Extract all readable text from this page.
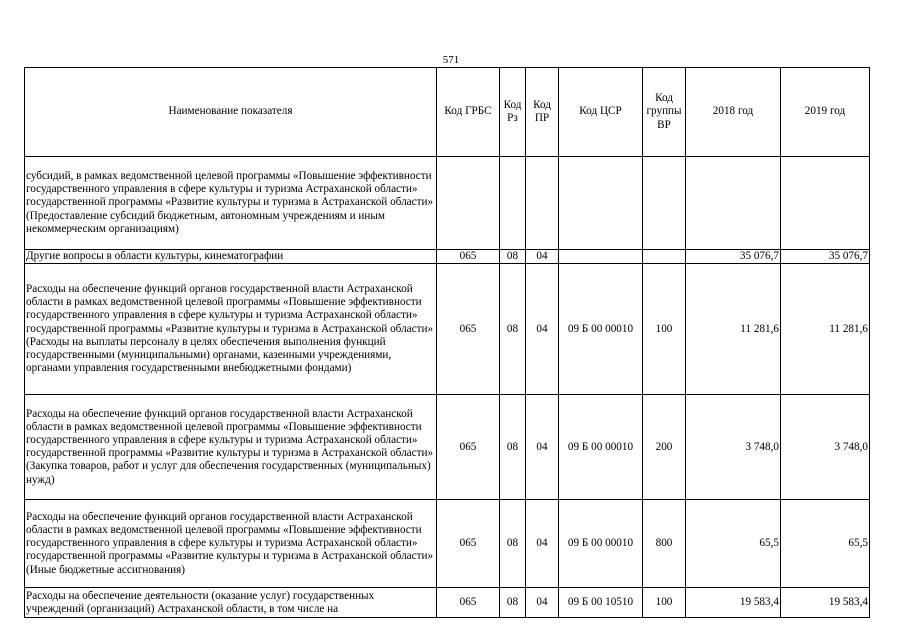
571
Наименование показателя	Код ГРБС	Код Рз	Код ПР	Код ЦСР	Код группы ВР	2018 год	2019 год
субсидий, в рамках ведомственной целевой программы «Повышение эффективности государственного управления в сфере культуры и туризма Астраханской области» государственной программы «Развитие культуры и туризма в Астраханской области» (Предоставление субсидий бюджетным, автономным учреждениям и иным некоммерческим организациям)							
Другие вопросы в области культуры, кинематографии	065	08	04			35 076,7	35 076,7
Расходы на обеспечение функций органов государственной власти Астраханской области в рамках ведомственной целевой программы «Повышение эффективности государственного управления в сфере культуры и туризма Астраханской области» государственной программы «Развитие культуры и туризма в Астраханской области» (Расходы на выплаты персоналу в целях обеспечения выполнения функций государственными (муниципальными) органами, казенными учреждениями, органами управления государственными внебюджетными фондами)	065	08	04	09 Б 00 00010	100	11 281,6	11 281,6
Расходы на обеспечение функций органов государственной власти Астраханской области в рамках ведомственной целевой программы «Повышение эффективности государственного управления в сфере культуры и туризма Астраханской области» государственной программы «Развитие культуры и туризма в Астраханской области» (Закупка товаров, работ и услуг для обеспечения государственных (муниципальных) нужд)	065	08	04	09 Б 00 00010	200	3 748,0	3 748,0
Расходы на обеспечение функций органов государственной власти Астраханской области в рамках ведомственной целевой программы «Повышение эффективности государственного управления в сфере культуры и туризма Астраханской области» государственной программы «Развитие культуры и туризма в Астраханской области» (Иные бюджетные ассигнования)	065	08	04	09 Б 00 00010	800	65,5	65,5
Расходы на обеспечение деятельности (оказание услуг) государственных учреждений (организаций) Астраханской области, в том числе на	065	08	04	09 Б 00 10510	100	19 583,4	19 583,4
